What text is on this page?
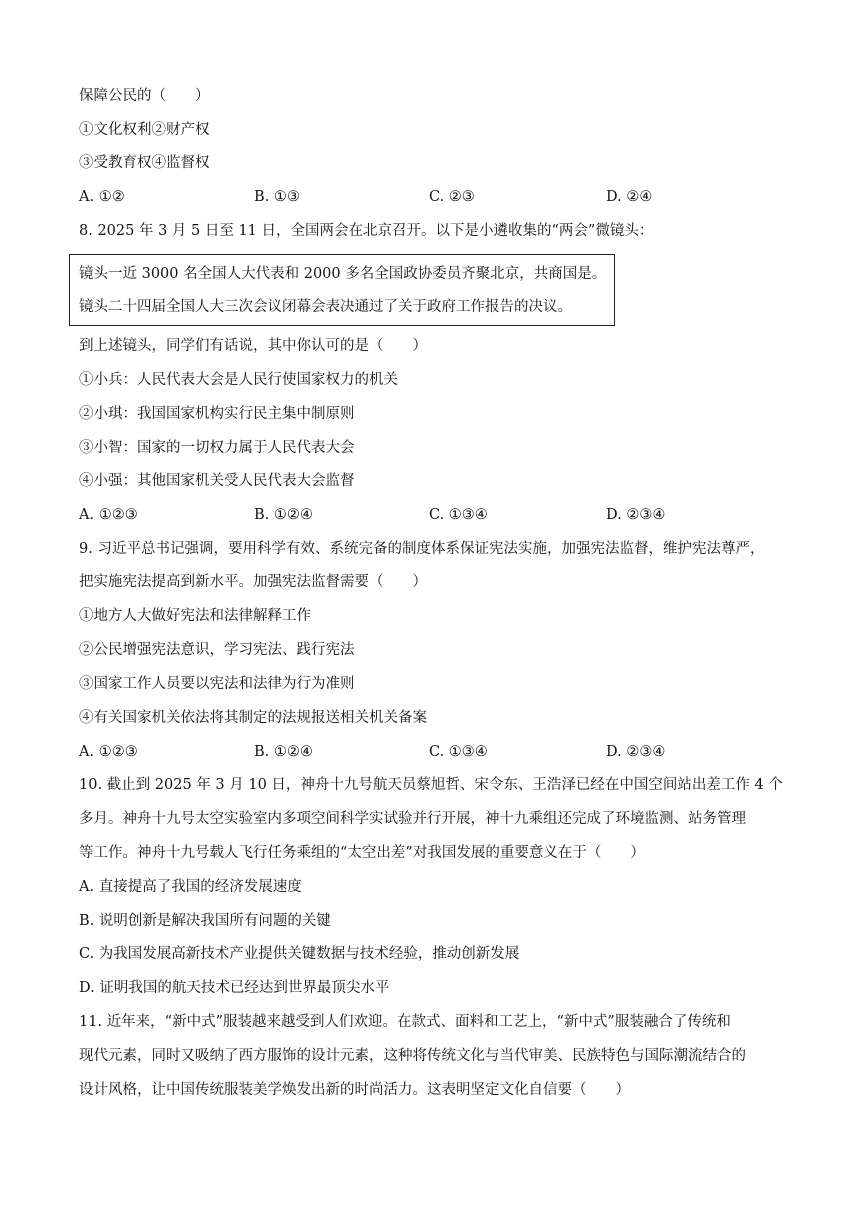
保障公民的（　　）
①文化权利②财产权
③受教育权④监督权
A. ①②	B. ①③	C. ②③	D. ②④
8. 2025 年 3 月 5 日至 11 日，全国两会在北京召开。以下是小遴收集的“两会”微镜头：
镜头一近 3000 名全国人大代表和 2000 多名全国政协委员齐聚北京，共商国是。
镜头二十四届全国人大三次会议闭幕会表决通过了关于政府工作报告的决议。
到上述镜头，同学们有话说，其中你认可的是（　　）
①小兵：人民代表大会是人民行使国家权力的机关
②小琪：我国国家机构实行民主集中制原则
③小智：国家的一切权力属于人民代表大会
④小强：其他国家机关受人民代表大会监督
A. ①②③	B. ①②④	C. ①③④	D. ②③④
9. 习近平总书记强调，要用科学有效、系统完备的制度体系保证宪法实施，加强宪法监督，维护宪法尊严，
把实施宪法提高到新水平。加强宪法监督需要（　　）
①地方人大做好宪法和法律解释工作
②公民增强宪法意识，学习宪法、践行宪法
③国家工作人员要以宪法和法律为行为准则
④有关国家机关依法将其制定的法规报送相关机关备案
A. ①②③	B. ①②④	C. ①③④	D. ②③④
10. 截止到 2025 年 3 月 10 日，神舟十九号航天员蔡旭哲、宋令东、王浩泽已经在中国空间站出差工作 4 个
多月。神舟十九号太空实验室内多项空间科学实试验并行开展，神十九乘组还完成了环境监测、站务管理
等工作。神舟十九号载人飞行任务乘组的“太空出差”对我国发展的重要意义在于（　　）
A. 直接提高了我国的经济发展速度
B. 说明创新是解决我国所有问题的关键
C. 为我国发展高新技术产业提供关键数据与技术经验，推动创新发展
D. 证明我国的航天技术已经达到世界最顶尖水平
11. 近年来，“新中式”服装越来越受到人们欢迎。在款式、面料和工艺上，“新中式”服装融合了传统和
现代元素，同时又吸纳了西方服饰的设计元素，这种将传统文化与当代审美、民族特色与国际潮流结合的
设计风格，让中国传统服装美学焕发出新的时尚活力。这表明坚定文化自信要（　　）
